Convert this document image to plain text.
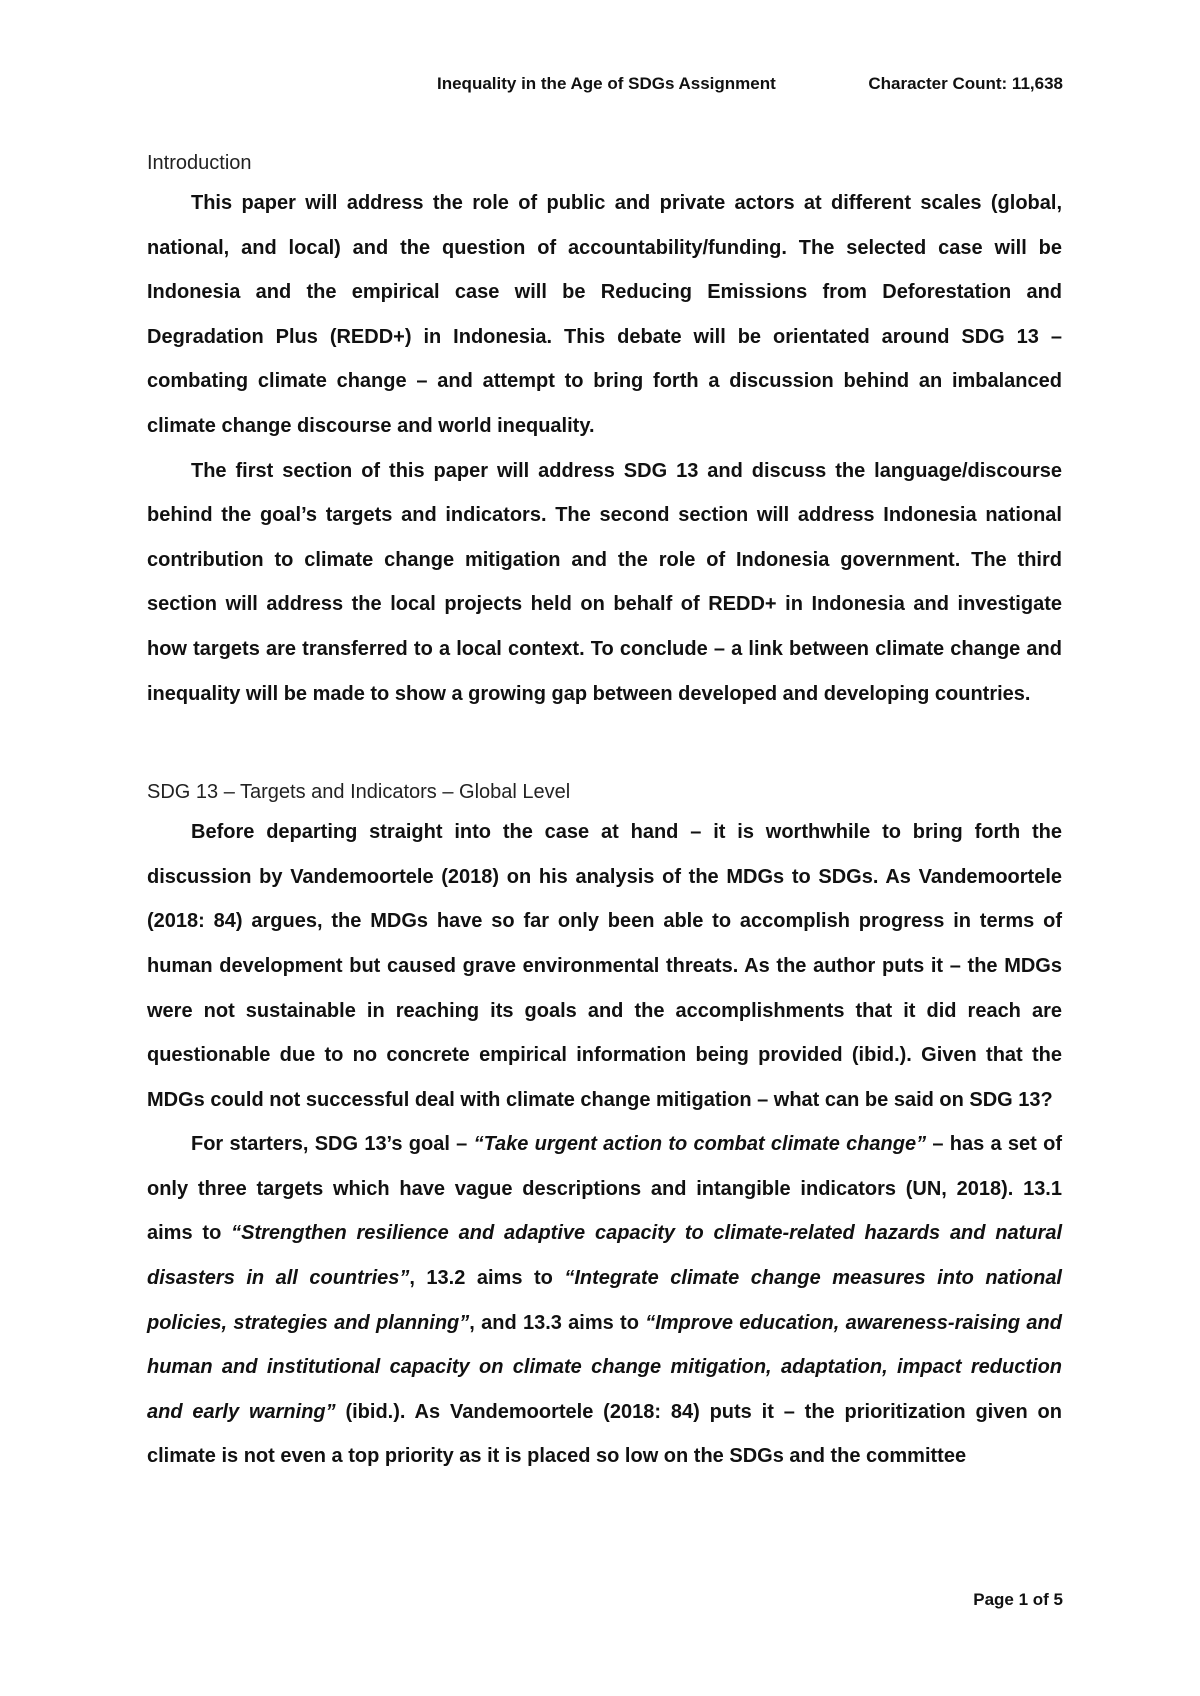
Inequality in the Age of SDGs Assignment	Character Count: 11,638
Introduction

This paper will address the role of public and private actors at different scales (global, national, and local) and the question of accountability/funding. The selected case will be Indonesia and the empirical case will be Reducing Emissions from Deforestation and Degradation Plus (REDD+) in Indonesia. This debate will be orientated around SDG 13 – combating climate change – and attempt to bring forth a discussion behind an imbalanced climate change discourse and world inequality.

The first section of this paper will address SDG 13 and discuss the language/discourse behind the goal’s targets and indicators. The second section will address Indonesia national contribution to climate change mitigation and the role of Indonesia government. The third section will address the local projects held on behalf of REDD+ in Indonesia and investigate how targets are transferred to a local context. To conclude – a link between climate change and inequality will be made to show a growing gap between developed and developing countries.

SDG 13 – Targets and Indicators – Global Level

Before departing straight into the case at hand – it is worthwhile to bring forth the discussion by Vandemoortele (2018) on his analysis of the MDGs to SDGs. As Vandemoortele (2018: 84) argues, the MDGs have so far only been able to accomplish progress in terms of human development but caused grave environmental threats. As the author puts it – the MDGs were not sustainable in reaching its goals and the accomplishments that it did reach are questionable due to no concrete empirical information being provided (ibid.). Given that the MDGs could not successful deal with climate change mitigation – what can be said on SDG 13?

For starters, SDG 13’s goal – “Take urgent action to combat climate change” – has a set of only three targets which have vague descriptions and intangible indicators (UN, 2018). 13.1 aims to “Strengthen resilience and adaptive capacity to climate-related hazards and natural disasters in all countries”, 13.2 aims to “Integrate climate change measures into national policies, strategies and planning”, and 13.3 aims to “Improve education, awareness-raising and human and institutional capacity on climate change mitigation, adaptation, impact reduction and early warning” (ibid.). As Vandemoortele (2018: 84) puts it – the prioritization given on climate is not even a top priority as it is placed so low on the SDGs and the committee

Page 1 of 5
